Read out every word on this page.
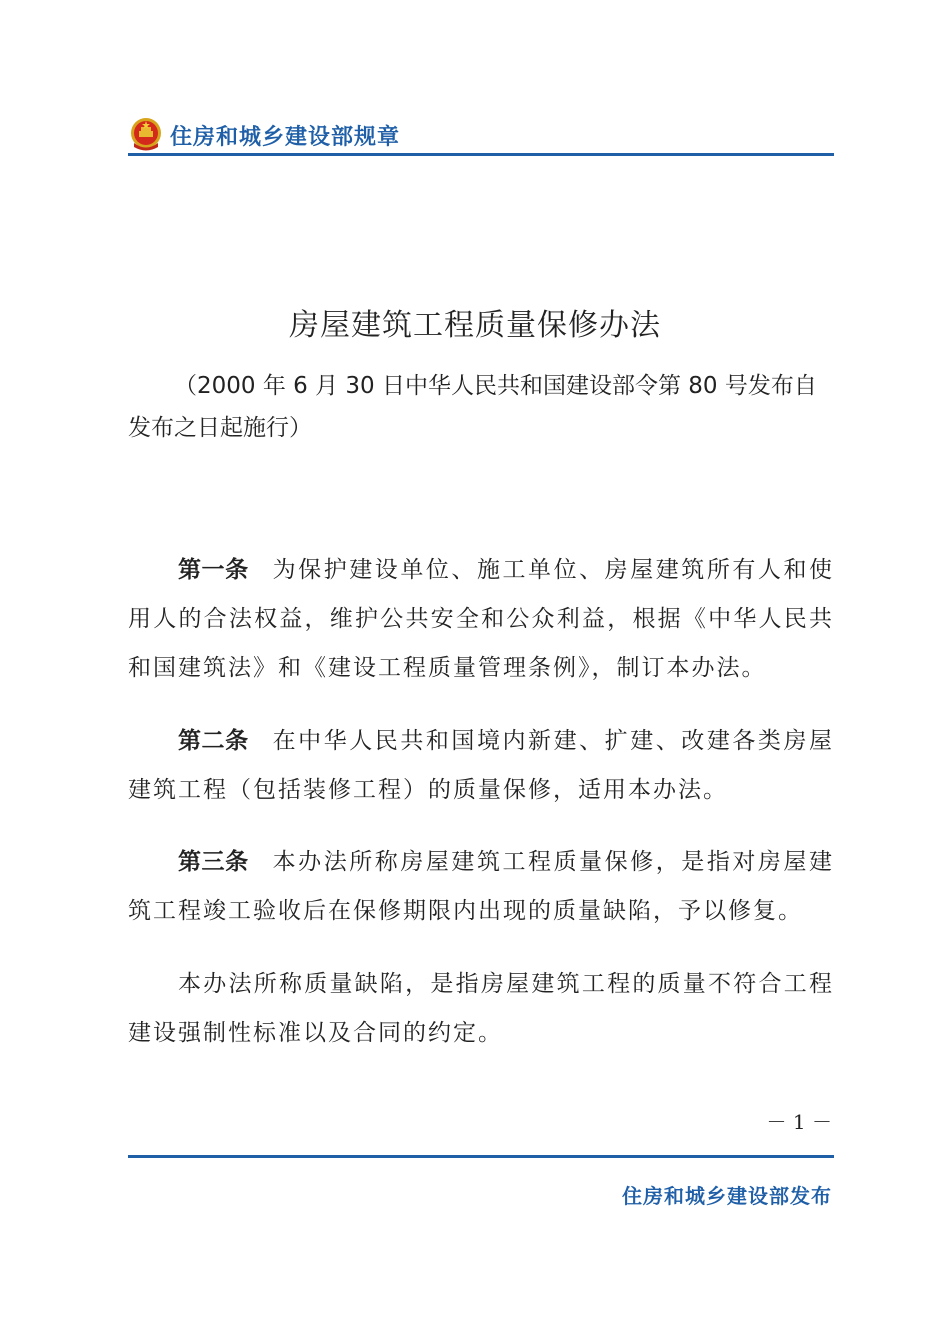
住房和城乡建设部规章
房屋建筑工程质量保修办法
（2000 年 6 月 30 日中华人民共和国建设部令第 80 号发布自发布之日起施行）
第一条 为保护建设单位、施工单位、房屋建筑所有人和使用人的合法权益，维护公共安全和公众利益，根据《中华人民共和国建筑法》和《建设工程质量管理条例》，制订本办法。
第二条 在中华人民共和国境内新建、扩建、改建各类房屋建筑工程（包括装修工程）的质量保修，适用本办法。
第三条 本办法所称房屋建筑工程质量保修，是指对房屋建筑工程竣工验收后在保修期限内出现的质量缺陷，予以修复。
本办法所称质量缺陷，是指房屋建筑工程的质量不符合工程建设强制性标准以及合同的约定。
－ 1 －
住房和城乡建设部发布
